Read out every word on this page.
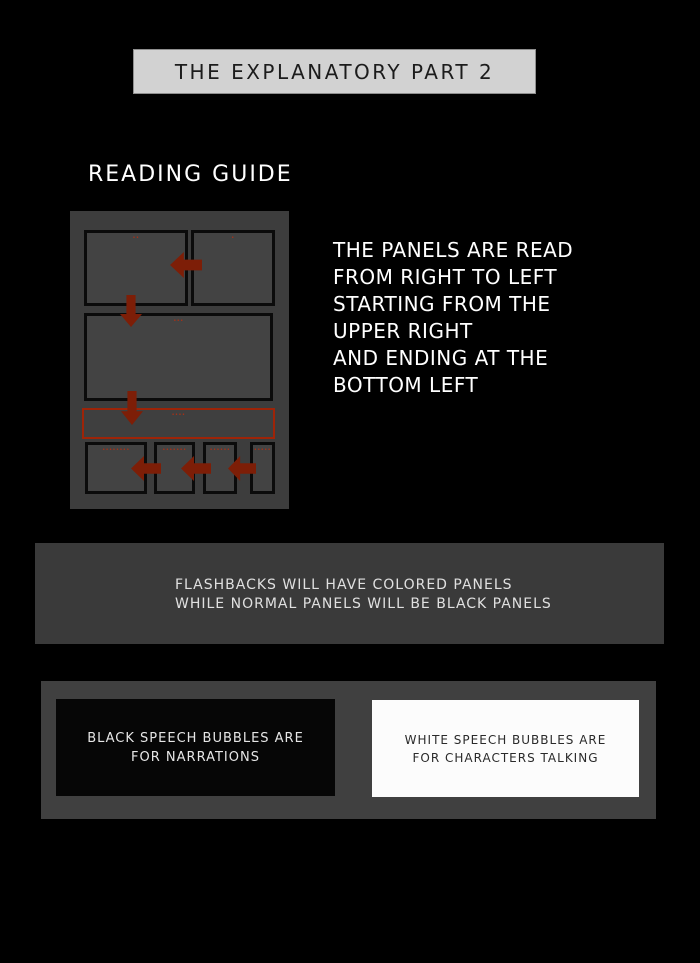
THE EXPLANATORY PART 2
READING GUIDE
••	•
•••
••••
••••••••	•••••••	••••••	•••••
THE PANELS ARE READ
FROM RIGHT TO LEFT
STARTING FROM THE
UPPER RIGHT
AND ENDING AT THE
BOTTOM LEFT
FLASHBACKS WILL HAVE COLORED PANELS
WHILE NORMAL PANELS WILL BE BLACK PANELS
BLACK SPEECH BUBBLES ARE
FOR NARRATIONS
WHITE SPEECH BUBBLES ARE
FOR CHARACTERS TALKING
